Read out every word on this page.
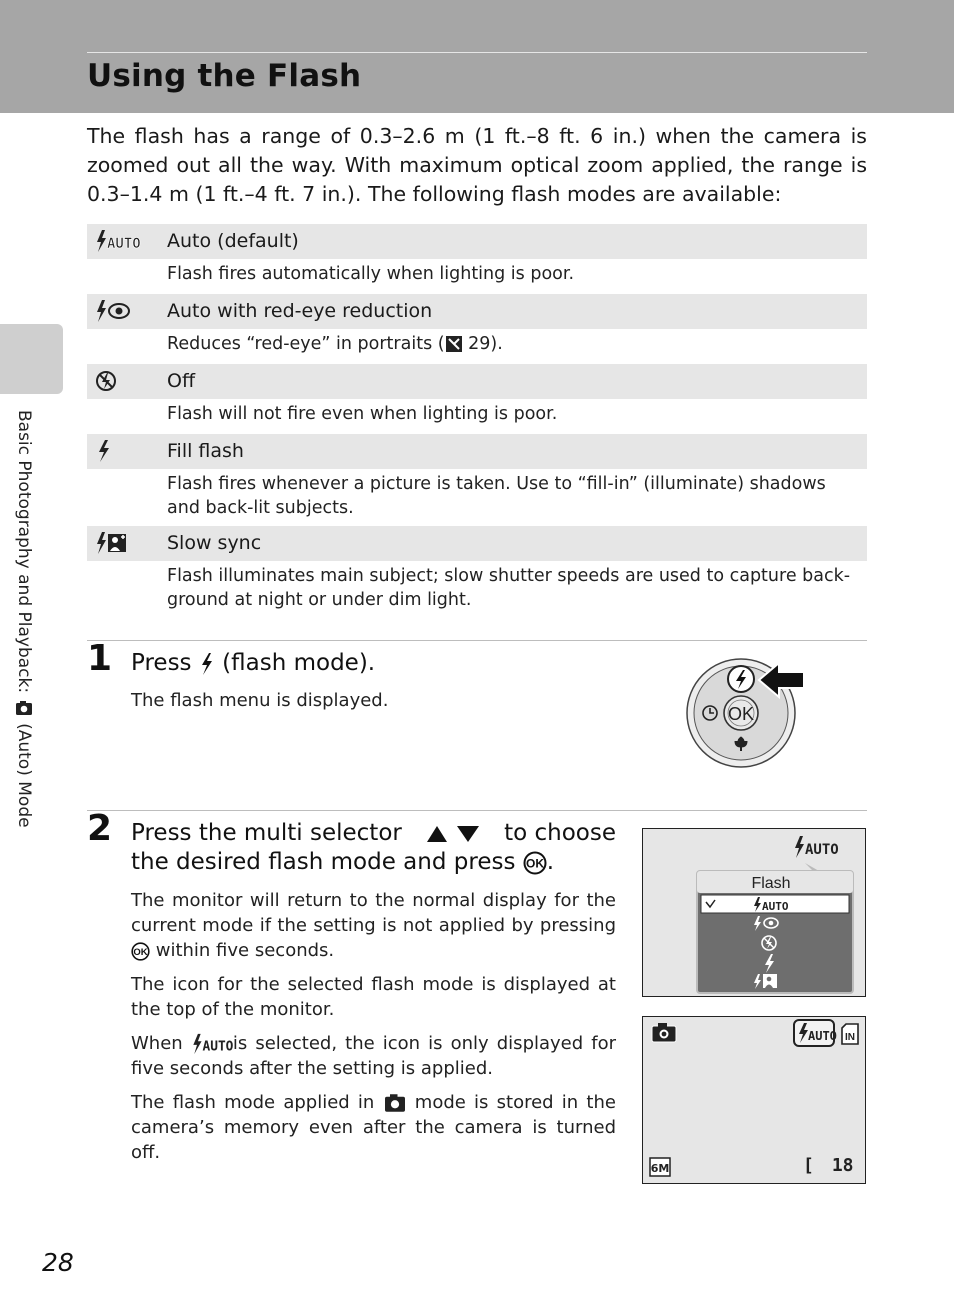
Using the Flash
Basic Photography and Playback:
(Auto) Mode

The flash has a range of 0.3–2.6 m (1 ft.–8 ft. 6 in.) when the camera is zoomed out all the way. With maximum optical zoom applied, the range is 0.3–1.4 m (1 ft.–4 ft. 7 in.). The following flash modes are available:

AUTO Auto (default)
Flash fires automatically when lighting is poor.
Auto with red-eye reduction
Reduces “red-eye” in portraits ( 29).
Off
Flash will not fire even when lighting is poor.
Fill flash
Flash fires whenever a picture is taken. Use to “fill-in” (illuminate) shadows and back-lit subjects.
Slow sync
Flash illuminates main subject; slow shutter speeds are used to capture back-ground at night or under dim light.
1 Press (flash mode).

The flash menu is displayed.

OK
2 Press the multi selector	to choose
the desired flash mode and press OK .

The monitor will return to the normal display for the current mode if the setting is not applied by pressing
OK within five seconds.

The icon for the selected flash mode is displayed at the top of the monitor.

When AUTO is selected, the icon is only displayed for five seconds after the setting is applied.

The flash mode applied in mode is stored in the camera’s memory even after the camera is turned off.

AUTO
Flash
AUTO
AUTO IN
6M	[ 18
28
